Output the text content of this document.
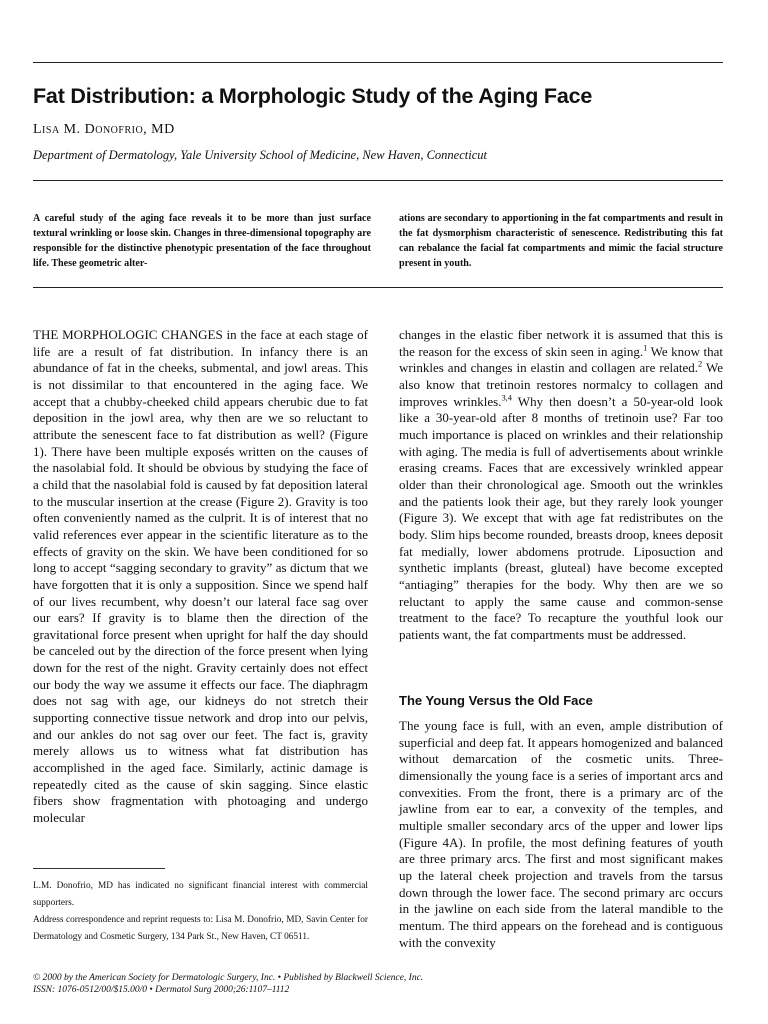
Fat Distribution: a Morphologic Study of the Aging Face
Lisa M. Donofrio, MD
Department of Dermatology, Yale University School of Medicine, New Haven, Connecticut
A careful study of the aging face reveals it to be more than just surface textural wrinkling or loose skin. Changes in three-dimensional topography are responsible for the distinctive phenotypic presentation of the face throughout life. These geometric alter-
ations are secondary to apportioning in the fat compartments and result in the fat dysmorphism characteristic of senescence. Redistributing this fat can rebalance the facial fat compartments and mimic the facial structure present in youth.
THE MORPHOLOGIC CHANGES in the face at each stage of life are a result of fat distribution. In infancy there is an abundance of fat in the cheeks, submental, and jowl areas. This is not dissimilar to that encountered in the aging face. We accept that a chubby-cheeked child appears cherubic due to fat deposition in the jowl area, why then are we so reluctant to attribute the senescent face to fat distribution as well? (Figure 1). There have been multiple exposés written on the causes of the nasolabial fold. It should be obvious by studying the face of a child that the nasolabial fold is caused by fat deposition lateral to the muscular insertion at the crease (Figure 2). Gravity is too often conveniently named as the culprit. It is of interest that no valid references ever appear in the scientific literature as to the effects of gravity on the skin. We have been conditioned for so long to accept “sagging secondary to gravity” as dictum that we have forgotten that it is only a supposition. Since we spend half of our lives recumbent, why doesn’t our lateral face sag over our ears? If gravity is to blame then the direction of the gravitational force present when upright for half the day should be canceled out by the direction of the force present when lying down for the rest of the night. Gravity certainly does not effect our body the way we assume it effects our face. The diaphragm does not sag with age, our kidneys do not stretch their supporting connective tissue network and drop into our pelvis, and our ankles do not sag over our feet. The fact is, gravity merely allows us to witness what fat distribution has accomplished in the aged face. Similarly, actinic damage is repeatedly cited as the cause of skin sagging. Since elastic fibers show fragmentation with photoaging and undergo molecular
changes in the elastic fiber network it is assumed that this is the reason for the excess of skin seen in aging.$^1$ We know that wrinkles and changes in elastin and collagen are related.$^2$ We also know that tretinoin restores normalcy to collagen and improves wrinkles.$^{3,4}$ Why then doesn’t a 50-year-old look like a 30-year-old after 8 months of tretinoin use? Far too much importance is placed on wrinkles and their relationship with aging. The media is full of advertisements about wrinkle erasing creams. Faces that are excessively wrinkled appear older than their chronological age. Smooth out the wrinkles and the patients look their age, but they rarely look younger (Figure 3). We except that with age fat redistributes on the body. Slim hips become rounded, breasts droop, knees deposit fat medially, lower abdomens protrude. Liposuction and synthetic implants (breast, gluteal) have become excepted “antiaging” therapies for the body. Why then are we so reluctant to apply the same cause and common-sense treatment to the face? To recapture the youthful look our patients want, the fat compartments must be addressed.
The Young Versus the Old Face
The young face is full, with an even, ample distribution of superficial and deep fat. It appears homogenized and balanced without demarcation of the cosmetic units. Three-dimensionally the young face is a series of important arcs and convexities. From the front, there is a primary arc of the jawline from ear to ear, a convexity of the temples, and multiple smaller secondary arcs of the upper and lower lips (Figure 4A). In profile, the most defining features of youth are three primary arcs. The first and most significant makes up the lateral cheek projection and travels from the tarsus down through the lower face. The second primary arc occurs in the jawline on each side from the lateral mandible to the mentum. The third appears on the forehead and is contiguous with the convexity

L.M. Donofrio, MD has indicated no significant financial interest with commercial supporters.

Address correspondence and reprint requests to: Lisa M. Donofrio, MD, Savin Center for Dermatology and Cosmetic Surgery, 134 Park St., New Haven, CT 06511.

© 2000 by the American Society for Dermatologic Surgery, Inc. • Published by Blackwell Science, Inc.

ISSN: 1076-0512/00/$15.00/0 • Dermatol Surg 2000;26:1107–1112
